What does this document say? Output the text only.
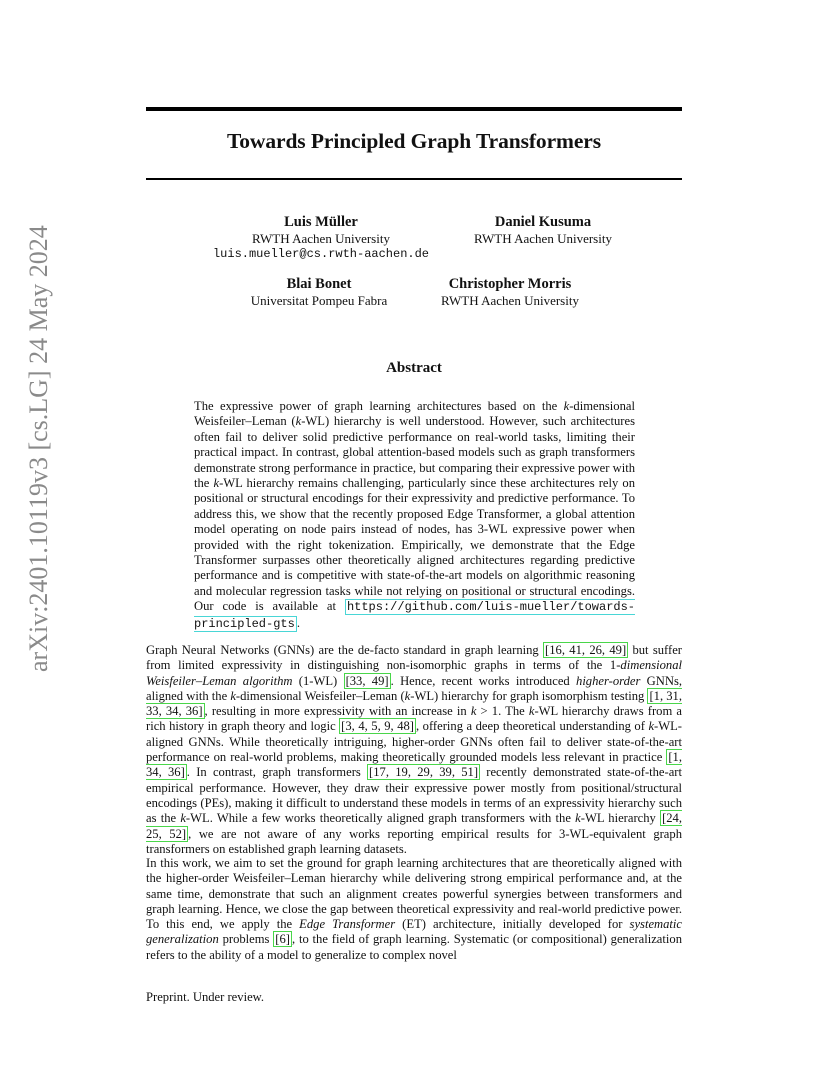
arXiv:2401.10119v3 [cs.LG] 24 May 2024
Towards Principled Graph Transformers
Luis Müller
RWTH Aachen University
luis.mueller@cs.rwth-aachen.de
Daniel Kusuma
RWTH Aachen University
Blai Bonet
Universitat Pompeu Fabra
Christopher Morris
RWTH Aachen University
Abstract
The expressive power of graph learning architectures based on the k-dimensional Weisfeiler–Leman (k-WL) hierarchy is well understood. However, such architectures often fail to deliver solid predictive performance on real-world tasks, limiting their practical impact. In contrast, global attention-based models such as graph transformers demonstrate strong performance in practice, but comparing their expressive power with the k-WL hierarchy remains challenging, particularly since these architectures rely on positional or structural encodings for their expressivity and predictive performance. To address this, we show that the recently proposed Edge Transformer, a global attention model operating on node pairs instead of nodes, has 3-WL expressive power when provided with the right tokenization. Empirically, we demonstrate that the Edge Transformer surpasses other theoretically aligned architectures regarding predictive performance and is competitive with state-of-the-art models on algorithmic reasoning and molecular regression tasks while not relying on positional or structural encodings. Our code is available at https://github.com/luis-mueller/towards-principled-gts .
Graph Neural Networks (GNNs) are the de-facto standard in graph learning [16, 41, 26, 49] but suffer from limited expressivity in distinguishing non-isomorphic graphs in terms of the 1-dimensional Weisfeiler–Leman algorithm (1-WL) [33, 49] . Hence, recent works introduced higher-order GNNs, aligned with the k-dimensional Weisfeiler–Leman (k-WL) hierarchy for graph isomorphism testing [1, 31, 33, 34, 36] , resulting in more expressivity with an increase in k > 1. The k-WL hierarchy draws from a rich history in graph theory and logic [3, 4, 5, 9, 48] , offering a deep theoretical understanding of k-WL-aligned GNNs. While theoretically intriguing, higher-order GNNs often fail to deliver state-of-the-art performance on real-world problems, making theoretically grounded models less relevant in practice [1, 34, 36] . In contrast, graph transformers [17, 19, 29, 39, 51] recently demonstrated state-of-the-art empirical performance. However, they draw their expressive power mostly from positional/structural encodings (PEs), making it difficult to understand these models in terms of an expressivity hierarchy such as the k-WL. While a few works theoretically aligned graph transformers with the k-WL hierarchy [24, 25, 52] , we are not aware of any works reporting empirical results for 3-WL-equivalent graph transformers on established graph learning datasets.
In this work, we aim to set the ground for graph learning architectures that are theoretically aligned with the higher-order Weisfeiler–Leman hierarchy while delivering strong empirical performance and, at the same time, demonstrate that such an alignment creates powerful synergies between transformers and graph learning. Hence, we close the gap between theoretical expressivity and real-world predictive power. To this end, we apply the Edge Transformer (ET) architecture, initially developed for systematic generalization problems [6] , to the field of graph learning. Systematic (or compositional) generalization refers to the ability of a model to generalize to complex novel
Preprint. Under review.
